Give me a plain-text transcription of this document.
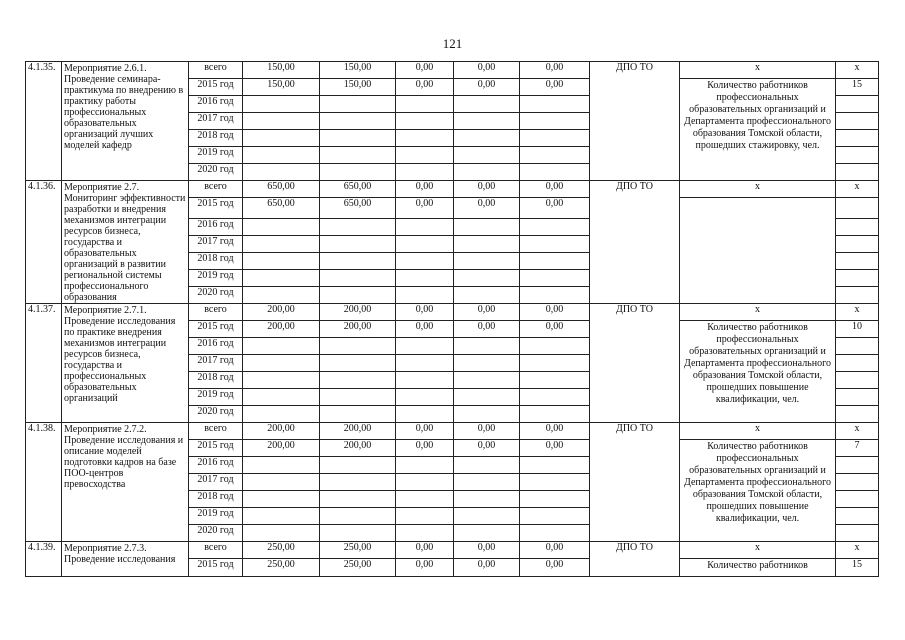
121
4.1.35.	Мероприятие 2.6.1. Проведение семинара-практикума по внедрению в практику работы профессиональных образовательных организаций лучших моделей кафедр	всего	150,00	150,00	0,00	0,00	0,00	ДПО ТО	х	х
		2015 год	150,00	150,00	0,00	0,00	0,00		Количество работников профессиональных образовательных организаций и Департамента профессионального образования Томской области, прошедших стажировку, чел.	15
		2016 год								
		2017 год								
		2018 год								
		2019 год								
		2020 год								
4.1.36.	Мероприятие 2.7. Мониторинг эффективности разработки и внедрения механизмов интеграции ресурсов бизнеса, государства и образовательных организаций в развитии региональной системы профессионального образования	всего	650,00	650,00	0,00	0,00	0,00	ДПО ТО	х	х
		2015 год	650,00	650,00	0,00	0,00	0,00			
		2016 год								
		2017 год								
		2018 год								
		2019 год								
		2020 год								
4.1.37.	Мероприятие 2.7.1. Проведение исследования по практике внедрения механизмов интеграции ресурсов бизнеса, государства и профессиональных образовательных организаций	всего	200,00	200,00	0,00	0,00	0,00	ДПО ТО	х	х
		2015 год	200,00	200,00	0,00	0,00	0,00		Количество работников профессиональных образовательных организаций и Департамента профессионального образования Томской области, прошедших повышение квалификации, чел.	10
		2016 год								
		2017 год								
		2018 год								
		2019 год								
		2020 год								
4.1.38.	Мероприятие 2.7.2. Проведение исследования и описание моделей подготовки кадров на базе ПОО-центров превосходства	всего	200,00	200,00	0,00	0,00	0,00	ДПО ТО	х	х
		2015 год	200,00	200,00	0,00	0,00	0,00		Количество работников профессиональных образовательных организаций и Департамента профессионального образования Томской области, прошедших повышение квалификации, чел.	7
		2016 год								
		2017 год								
		2018 год								
		2019 год								
		2020 год								
4.1.39.	Мероприятие 2.7.3. Проведение исследования	всего	250,00	250,00	0,00	0,00	0,00	ДПО ТО	х	х
		2015 год	250,00	250,00	0,00	0,00	0,00		Количество работников	15
